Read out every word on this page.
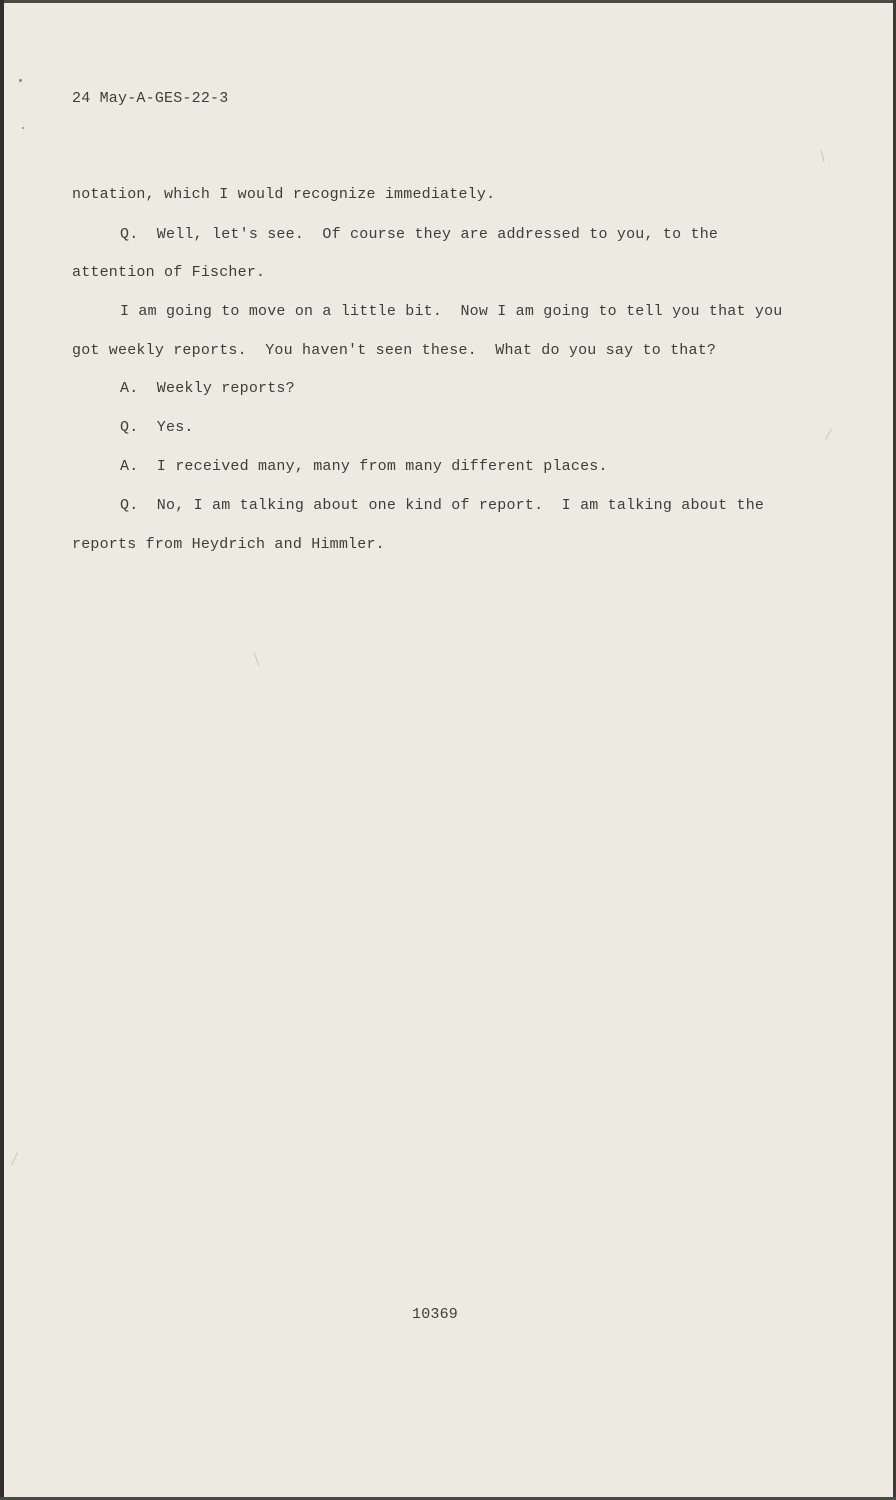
24 May-A-GES-22-3
notation, which I would recognize immediately.
Q.  Well, let's see.  Of course they are addressed to you, to the
attention of Fischer.
I am going to move on a little bit.  Now I am going to tell you that you
got weekly reports.  You haven't seen these.  What do you say to that?
A.  Weekly reports?
Q.  Yes.
A.  I received many, many from many different places.
Q.  No, I am talking about one kind of report.  I am talking about the
reports from Heydrich and Himmler.
10369
